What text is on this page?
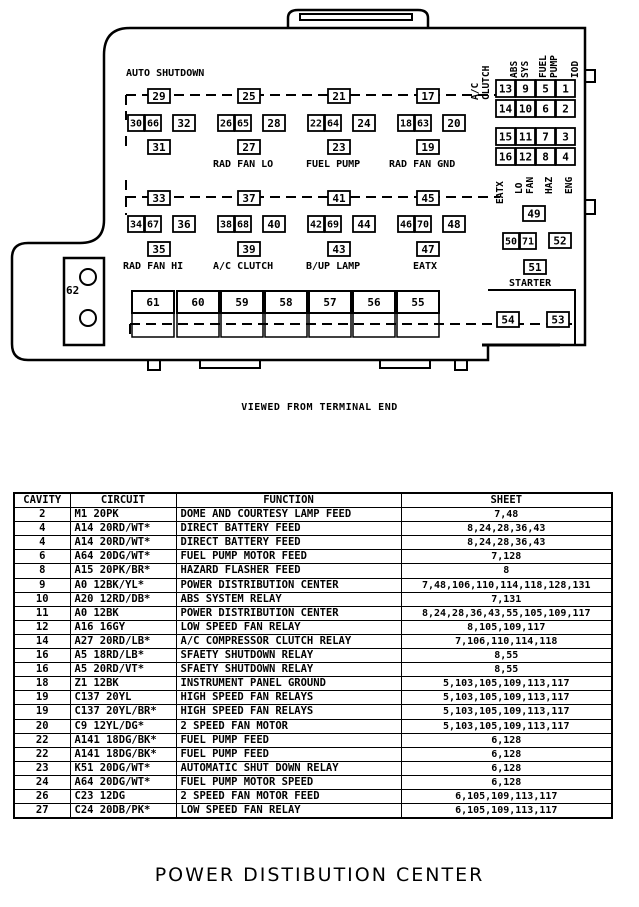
29	25	21	17
30 66 32	26 65 28	22 64 24	18 63 20
31	27	23	19
33	37	41	45
34 67 36	38 68 40	42 69 44	46 70 48
35	39	43	47
13 9 5 1
14 10 6 2
15 11 7 3
16 12 8 4
49
50 71 52
51
54	53
62
61	60	59	58	57	56	55
AUTO SHUTDOWN
RAD FAN LO	FUEL PUMP	RAD FAN GND
RAD FAN HI	A/C CLUTCH	B/UP LAMP	EATX
STARTER
A/C CLUTCH ABS SYS FUEL PUMP IOD
EATX LO FAN HAZ ENG
VIEWED FROM TERMINAL END
CAVITY	CIRCUIT	FUNCTION	SHEET
2	M1 20PK	DOME AND COURTESY LAMP FEED	7,48
4	A14 20RD/WT*	DIRECT BATTERY FEED	8,24,28,36,43
4	A14 20RD/WT*	DIRECT BATTERY FEED	8,24,28,36,43
6	A64 20DG/WT*	FUEL PUMP MOTOR FEED	7,128
8	A15 20PK/BR*	HAZARD FLASHER FEED	8
9	A0 12BK/YL*	POWER DISTRIBUTION CENTER	7,48,106,110,114,118,128,131
10	A20 12RD/DB*	ABS SYSTEM RELAY	7,131
11	A0 12BK	POWER DISTRIBUTION CENTER	8,24,28,36,43,55,105,109,117
12	A16 16GY	LOW SPEED FAN RELAY	8,105,109,117
14	A27 20RD/LB*	A/C COMPRESSOR CLUTCH RELAY	7,106,110,114,118
16	A5 18RD/LB*	SFAETY SHUTDOWN RELAY	8,55
16	A5 20RD/VT*	SFAETY SHUTDOWN RELAY	8,55
18	Z1 12BK	INSTRUMENT PANEL GROUND	5,103,105,109,113,117
19	C137 20YL	HIGH SPEED FAN RELAYS	5,103,105,109,113,117
19	C137 20YL/BR*	HIGH SPEED FAN RELAYS	5,103,105,109,113,117
20	C9 12YL/DG*	2 SPEED FAN MOTOR	5,103,105,109,113,117
22	A141 18DG/BK*	FUEL PUMP FEED	6,128
22	A141 18DG/BK*	FUEL PUMP FEED	6,128
23	K51 20DG/WT*	AUTOMATIC SHUT DOWN RELAY	6,128
24	A64 20DG/WT*	FUEL PUMP MOTOR SPEED	6,128
26	C23 12DG	2 SPEED FAN MOTOR FEED	6,105,109,113,117
27	C24 20DB/PK*	LOW SPEED FAN RELAY	6,105,109,113,117
POWER DISTIBUTION CENTER
